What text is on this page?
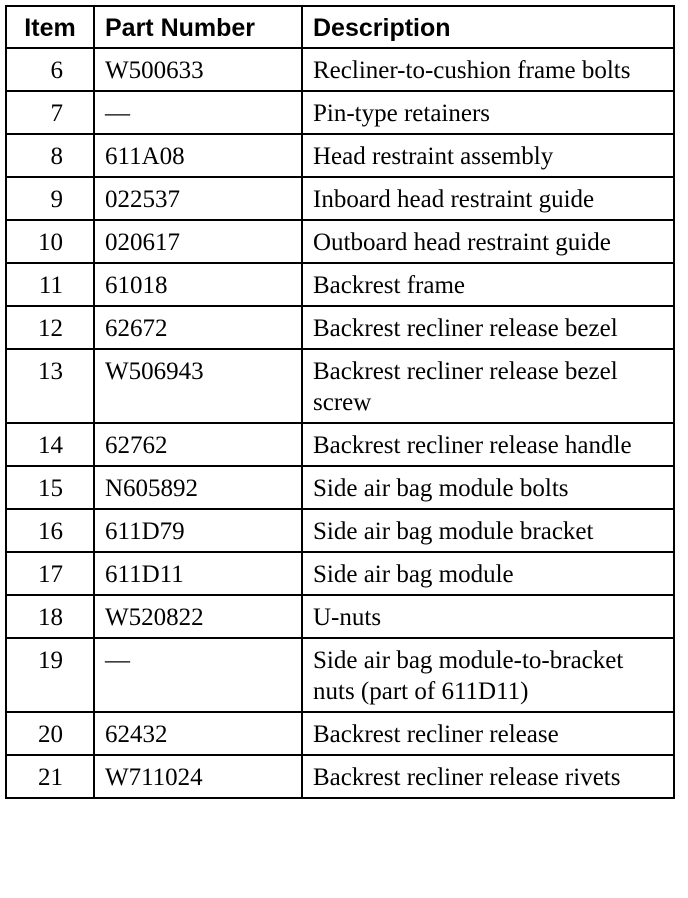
Item	Part Number	Description
6	W500633	Recliner-to-cushion frame bolts
7	—	Pin-type retainers
8	611A08	Head restraint assembly
9	022537	Inboard head restraint guide
10	020617	Outboard head restraint guide
11	61018	Backrest frame
12	62672	Backrest recliner release bezel
13	W506943	Backrest recliner release bezel screw
14	62762	Backrest recliner release handle
15	N605892	Side air bag module bolts
16	611D79	Side air bag module bracket
17	611D11	Side air bag module
18	W520822	U-nuts
19	—	Side air bag module-to-bracket nuts (part of 611D11)
20	62432	Backrest recliner release
21	W711024	Backrest recliner release rivets
